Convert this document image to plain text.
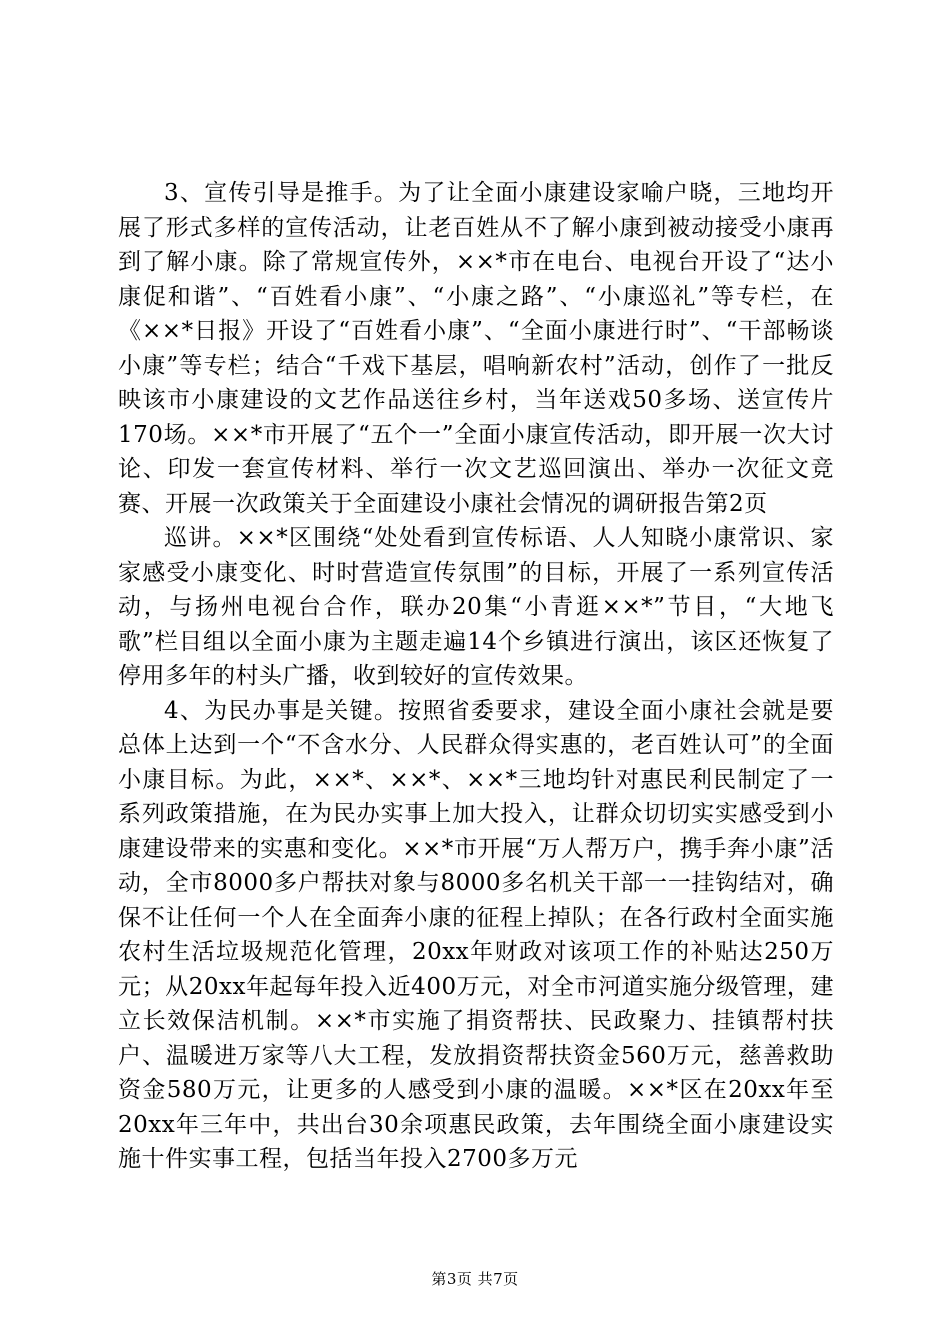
3、宣传引导是推手。为了让全面小康建设家喻户晓，三地均开展了形式多样的宣传活动，让老百姓从不了解小康到被动接受小康再到了解小康。除了常规宣传外，××*市在电台、电视台开设了“达小康促和谐”、“百姓看小康”、“小康之路”、“小康巡礼”等专栏，在《××*日报》开设了“百姓看小康”、“全面小康进行时”、“干部畅谈小康”等专栏；结合“千戏下基层，唱响新农村”活动，创作了一批反映该市小康建设的文艺作品送往乡村，当年送戏50多场、送宣传片170场。××*市开展了“五个一”全面小康宣传活动，即开展一次大讨论、印发一套宣传材料、举行一次文艺巡回演出、举办一次征文竞赛、开展一次政策关于全面建设小康社会情况的调研报告第2页

巡讲。××*区围绕“处处看到宣传标语、人人知晓小康常识、家家感受小康变化、时时营造宣传氛围”的目标，开展了一系列宣传活动，与扬州电视台合作，联办20集“小青逛××*”节目，“大地飞歌”栏目组以全面小康为主题走遍14个乡镇进行演出，该区还恢复了停用多年的村头广播，收到较好的宣传效果。

4、为民办事是关键。按照省委要求，建设全面小康社会就是要总体上达到一个“不含水分、人民群众得实惠的，老百姓认可”的全面小康目标。为此，××*、××*、××*三地均针对惠民利民制定了一系列政策措施，在为民办实事上加大投入，让群众切切实实感受到小康建设带来的实惠和变化。××*市开展“万人帮万户，携手奔小康”活动，全市8000多户帮扶对象与8000多名机关干部一一挂钩结对，确保不让任何一个人在全面奔小康的征程上掉队；在各行政村全面实施农村生活垃圾规范化管理，20xx年财政对该项工作的补贴达250万元；从20xx年起每年投入近400万元，对全市河道实施分级管理，建立长效保洁机制。××*市实施了捐资帮扶、民政聚力、挂镇帮村扶户、温暖进万家等八大工程，发放捐资帮扶资金560万元，慈善救助资金580万元，让更多的人感受到小康的温暖。××*区在20xx年至20xx年三年中，共出台30余项惠民政策，去年围绕全面小康建设实施十件实事工程，包括当年投入2700多万元

第3页 共7页
